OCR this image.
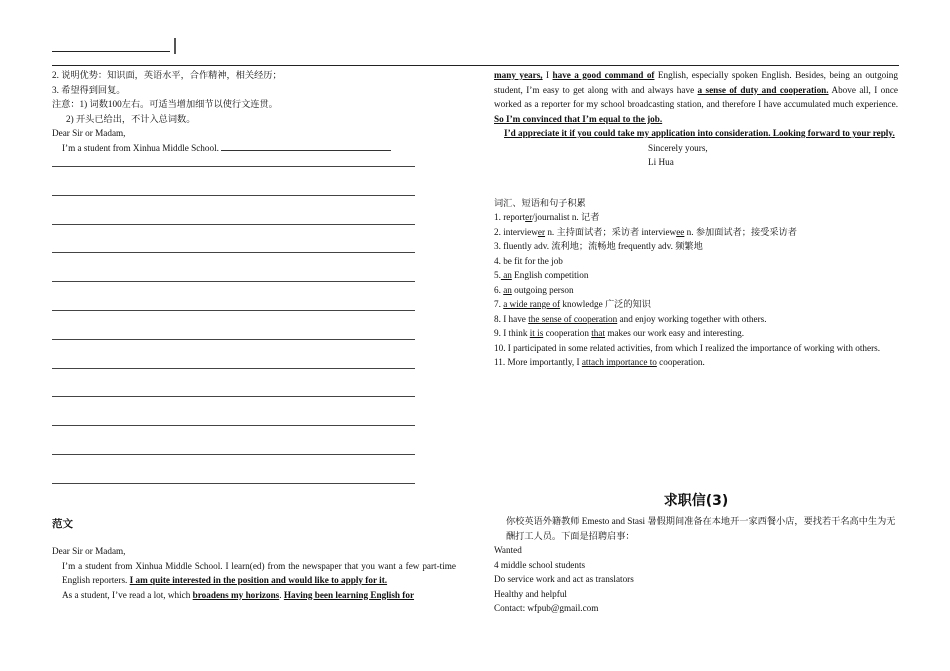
2. 说明优势：知识面，英语水平，合作精神，相关经历；

3. 希望得到回复。

注意：1) 词数100左右。可适当增加细节以使行文连贯。

2) 开头已给出，不计入总词数。

Dear Sir or Madam,

I’m a student from Xinhua Middle School.

范文

Dear Sir or Madam,

I’m a student from Xinhua Middle School. I learn(ed) from the newspaper that you want a few part-time English reporters. I am quite interested in the position and would like to apply for it.

As a student, I’ve read a lot, which broadens my horizons. Having been learning English for

many years, I have a good command of English, especially spoken English. Besides, being an outgoing student, I’m easy to get along with and always have a sense of duty and cooperation. Above all, I once worked as a reporter for my school broadcasting station, and therefore I have accumulated much experience. So I’m convinced that I’m equal to the job.

I’d appreciate it if you could take my application into consideration. Looking forward to your reply.

Sincerely yours,

Li Hua

词汇、短语和句子积累

1. reporter/journalist n. 记者

2. interviewer n. 主持面试者；采访者 interviewee n. 参加面试者；接受采访者

3. fluently adv. 流利地；流畅地 frequently adv. 频繁地

4. be fit for the job

5. an English competition

6. an outgoing person

7. a wide range of knowledge 广泛的知识

8. I have the sense of cooperation and enjoy working together with others.

9. I think it is cooperation that makes our work easy and interesting.

10. I participated in some related activities, from which I realized the importance of working with others.

11. More importantly, I attach importance to cooperation.

求职信(3)

你校英语外籍教师 Emesto and Stasi 暑假期间准备在本地开一家西餐小店，要找若干名高中生为无酬打工人员。下面是招聘启事：

Wanted

4 middle school students

Do service work and act as translators

Healthy and helpful

Contact: wfpub@gmail.com
